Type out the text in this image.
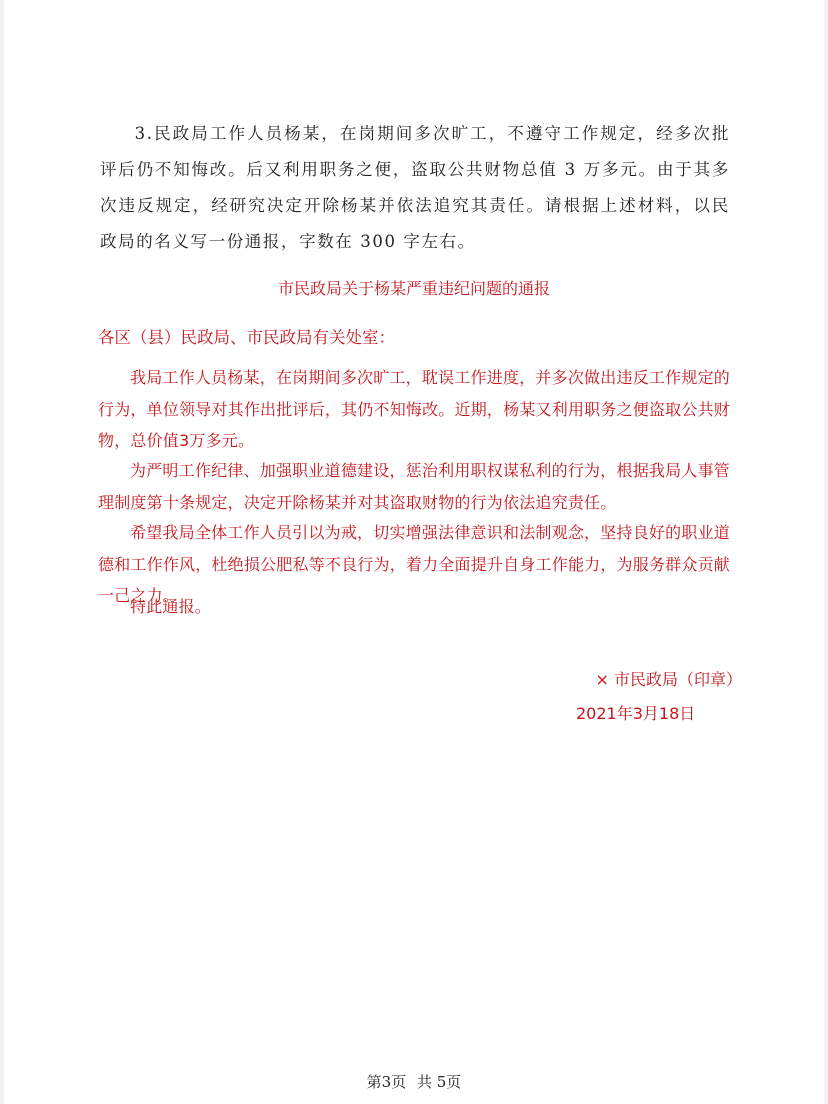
3.民政局工作人员杨某，在岗期间多次旷工，不遵守工作规定，经多次批评后仍不知悔改。后又利用职务之便，盗取公共财物总值 3 万多元。由于其多次违反规定，经研究决定开除杨某并依法追究其责任。请根据上述材料，以民政局的名义写一份通报，字数在 300 字左右。

市民政局关于杨某严重违纪问题的通报

各区（县）民政局、市民政局有关处室：

我局工作人员杨某，在岗期间多次旷工，耽误工作进度，并多次做出违反工作规定的行为，单位领导对其作出批评后，其仍不知悔改。近期，杨某又利用职务之便盗取公共财物，总价值3万多元。

为严明工作纪律、加强职业道德建设，惩治利用职权谋私利的行为，根据我局人事管理制度第十条规定，决定开除杨某并对其盗取财物的行为依法追究责任。

希望我局全体工作人员引以为戒，切实增强法律意识和法制观念，坚持良好的职业道德和工作作风，杜绝损公肥私等不良行为，着力全面提升自身工作能力，为服务群众贡献一己之力。

特此通报。

× 市民政局（印章）

2021年3月18日

第3页 共 5页
